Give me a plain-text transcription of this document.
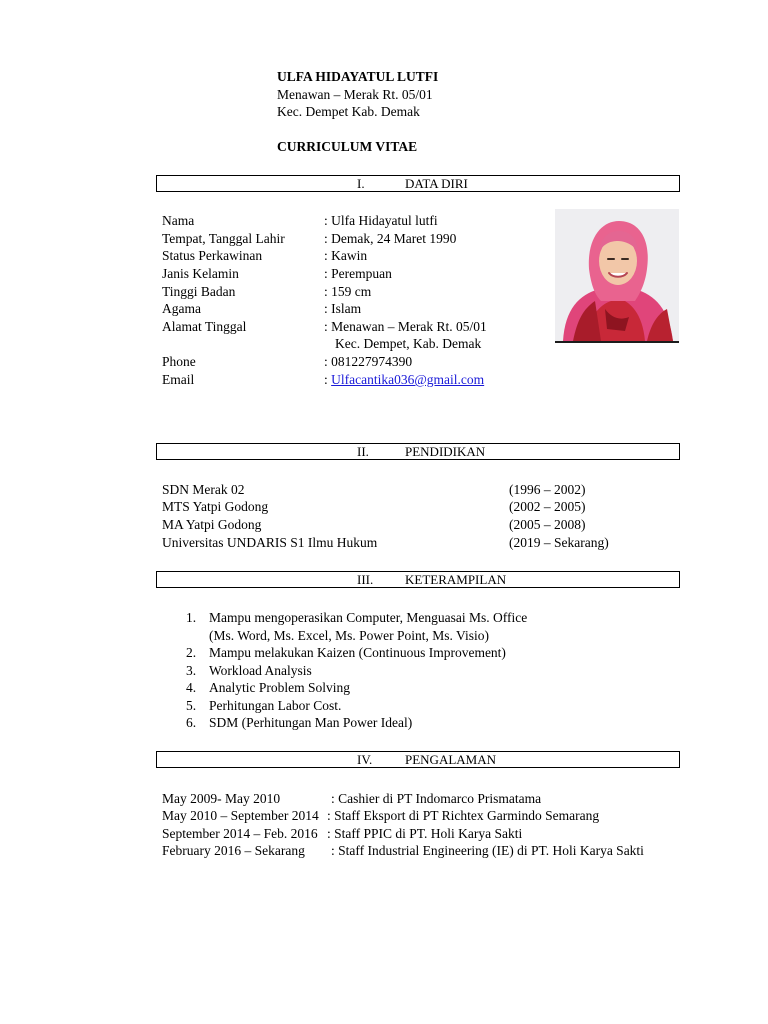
ULFA HIDAYATUL LUTFI
Menawan – Merak Rt. 05/01
Kec. Dempet Kab. Demak
CURRICULUM VITAE
I.	DATA DIRI
Nama	: Ulfa Hidayatul lutfi
Tempat, Tanggal Lahir	: Demak, 24 Maret 1990
Status Perkawinan	: Kawin
Janis Kelamin	: Perempuan
Tinggi Badan	: 159 cm
Agama	: Islam
Alamat Tinggal	: Menawan – Merak Rt. 05/01
Kec. Dempet, Kab. Demak
Phone	: 081227974390
Email	: Ulfacantika036@gmail.com
II.	PENDIDIKAN
SDN Merak 02	(1996 – 2002)
MTS Yatpi Godong	(2002 – 2005)
MA Yatpi Godong	(2005 – 2008)
Universitas UNDARIS S1 Ilmu Hukum	(2019 – Sekarang)
III. KETERAMPILAN
1. Mampu mengoperasikan Computer, Menguasai Ms. Office
(Ms. Word, Ms. Excel, Ms. Power Point, Ms. Visio)
2. Mampu melakukan Kaizen (Continuous Improvement)
3. Workload Analysis
4. Analytic Problem Solving
5. Perhitungan Labor Cost.
6. SDM (Perhitungan Man Power Ideal)
IV.	PENGALAMAN
May 2009- May 2010	: Cashier di PT Indomarco Prismatama
May 2010 – September 2014 : Staff Eksport di PT Richtex Garmindo Semarang
September 2014 – Feb. 2016 : Staff PPIC di PT. Holi Karya Sakti
February 2016 – Sekarang : Staff Industrial Engineering (IE) di PT. Holi Karya Sakti
